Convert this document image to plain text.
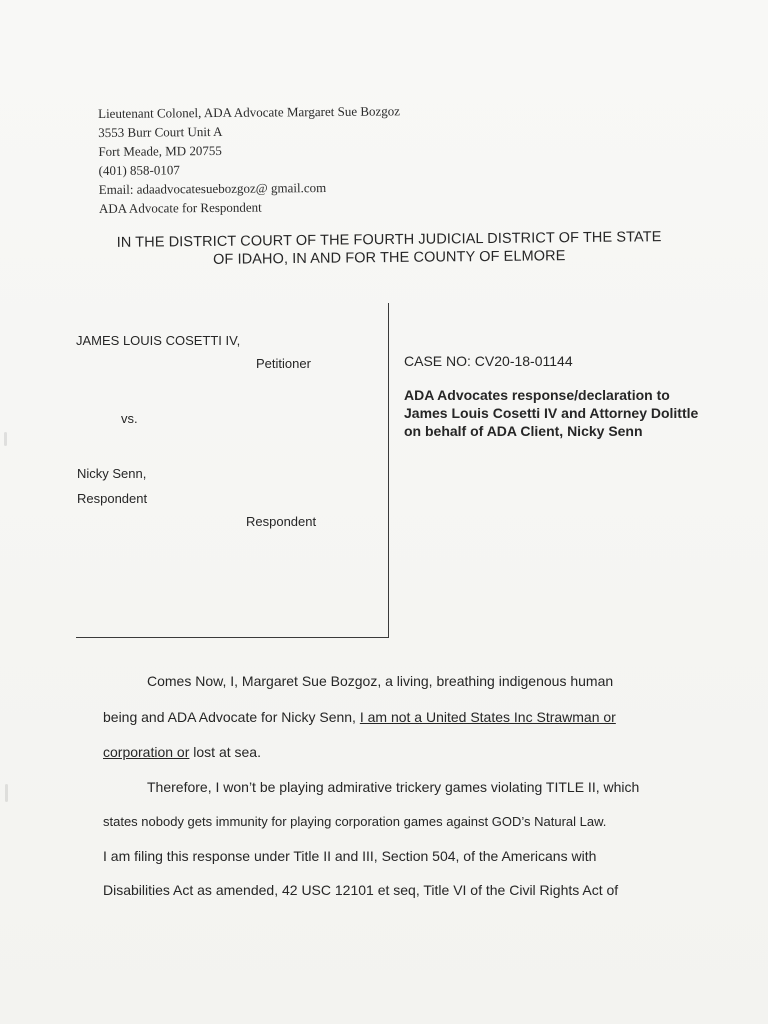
Lieutenant Colonel, ADA Advocate Margaret Sue Bozgoz
3553 Burr Court Unit A
Fort Meade, MD 20755
(401) 858-0107
Email: adaadvocatesuebozgoz@ gmail.com
ADA Advocate for Respondent
IN THE DISTRICT COURT OF THE FOURTH JUDICIAL DISTRICT OF THE STATE
OF IDAHO, IN AND FOR THE COUNTY OF ELMORE
JAMES LOUIS COSETTI IV,
Petitioner
vs.
Nicky Senn,
Respondent
Respondent
CASE NO: CV20-18-01144
ADA Advocates response/declaration to James Louis Cosetti IV and Attorney Dolittle on behalf of ADA Client, Nicky Senn
Comes Now, I, Margaret Sue Bozgoz, a living, breathing indigenous human
being and ADA Advocate for Nicky Senn, I am not a United States Inc Strawman or
corporation or lost at sea.
Therefore, I won’t be playing admirative trickery games violating TITLE II, which
states nobody gets immunity for playing corporation games against GOD’s Natural Law.
I am filing this response under Title II and III, Section 504, of the Americans with
Disabilities Act as amended, 42 USC 12101 et seq, Title VI of the Civil Rights Act of
